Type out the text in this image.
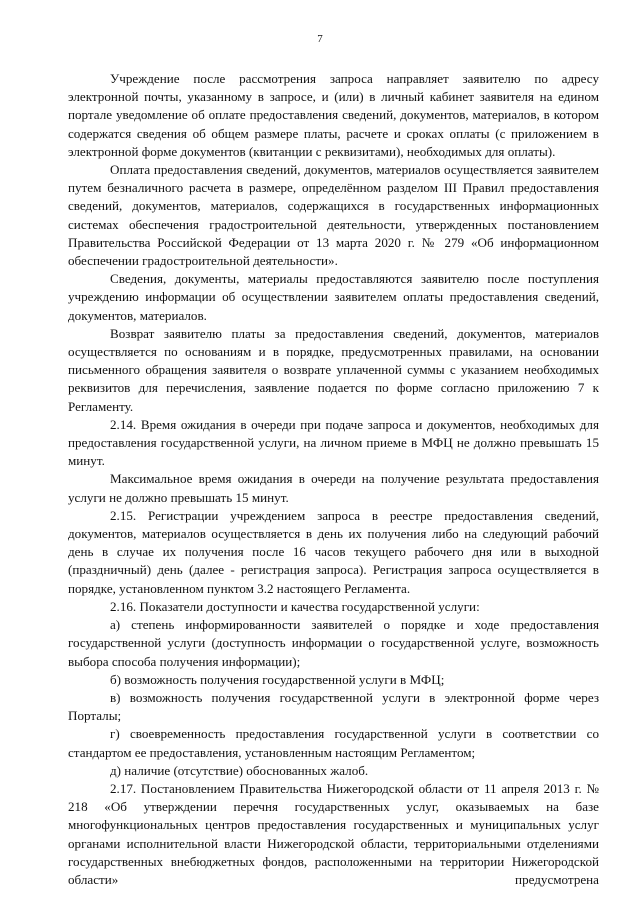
7

Учреждение после рассмотрения запроса направляет заявителю по адресу электронной почты, указанному в запросе, и (или) в личный кабинет заявителя на едином портале уведомление об оплате предоставления сведений, документов, материалов, в котором содержатся сведения об общем размере платы, расчете и сроках оплаты (с приложением в электронной форме документов (квитанции с реквизитами), необходимых для оплаты).

Оплата предоставления сведений, документов, материалов осуществляется заявителем путем безналичного расчета в размере, определённом разделом III Правил предоставления сведений, документов, материалов, содержащихся в государственных информационных системах обеспечения градостроительной деятельности, утвержденных постановлением Правительства Российской Федерации от 13 марта 2020 г. № 279 «Об информационном обеспечении градостроительной деятельности».

Сведения, документы, материалы предоставляются заявителю после поступления учреждению информации об осуществлении заявителем оплаты предоставления сведений, документов, материалов.

Возврат заявителю платы за предоставления сведений, документов, материалов осуществляется по основаниям и в порядке, предусмотренных правилами, на основании письменного обращения заявителя о возврате уплаченной суммы с указанием необходимых реквизитов для перечисления, заявление подается по форме согласно приложению 7 к Регламенту.

2.14. Время ожидания в очереди при подаче запроса и документов, необходимых для предоставления государственной услуги, на личном приеме в МФЦ не должно превышать 15 минут.

Максимальное время ожидания в очереди на получение результата предоставления услуги не должно превышать 15 минут.

2.15. Регистрации учреждением запроса в реестре предоставления сведений, документов, материалов осуществляется в день их получения либо на следующий рабочий день в случае их получения после 16 часов текущего рабочего дня или в выходной (праздничный) день (далее - регистрация запроса). Регистрация запроса осуществляется в порядке, установленном пунктом 3.2 настоящего Регламента.

2.16. Показатели доступности и качества государственной услуги:

а) степень информированности заявителей о порядке и ходе предоставления государственной услуги (доступность информации о государственной услуге, возможность выбора способа получения информации);

б) возможность получения государственной услуги в МФЦ;

в) возможность получения государственной услуги в электронной форме через Порталы;

г) своевременность предоставления государственной услуги в соответствии со стандартом ее предоставления, установленным настоящим Регламентом;

д) наличие (отсутствие) обоснованных жалоб.

2.17. Постановлением Правительства Нижегородской области от 11 апреля 2013 г. № 218 «Об утверждении перечня государственных услуг, оказываемых на базе многофункциональных центров предоставления государственных и муниципальных услуг органами исполнительной власти Нижегородской области, территориальными отделениями государственных внебюджетных фондов, расположенными на территории Нижегородской области» предусмотрена
